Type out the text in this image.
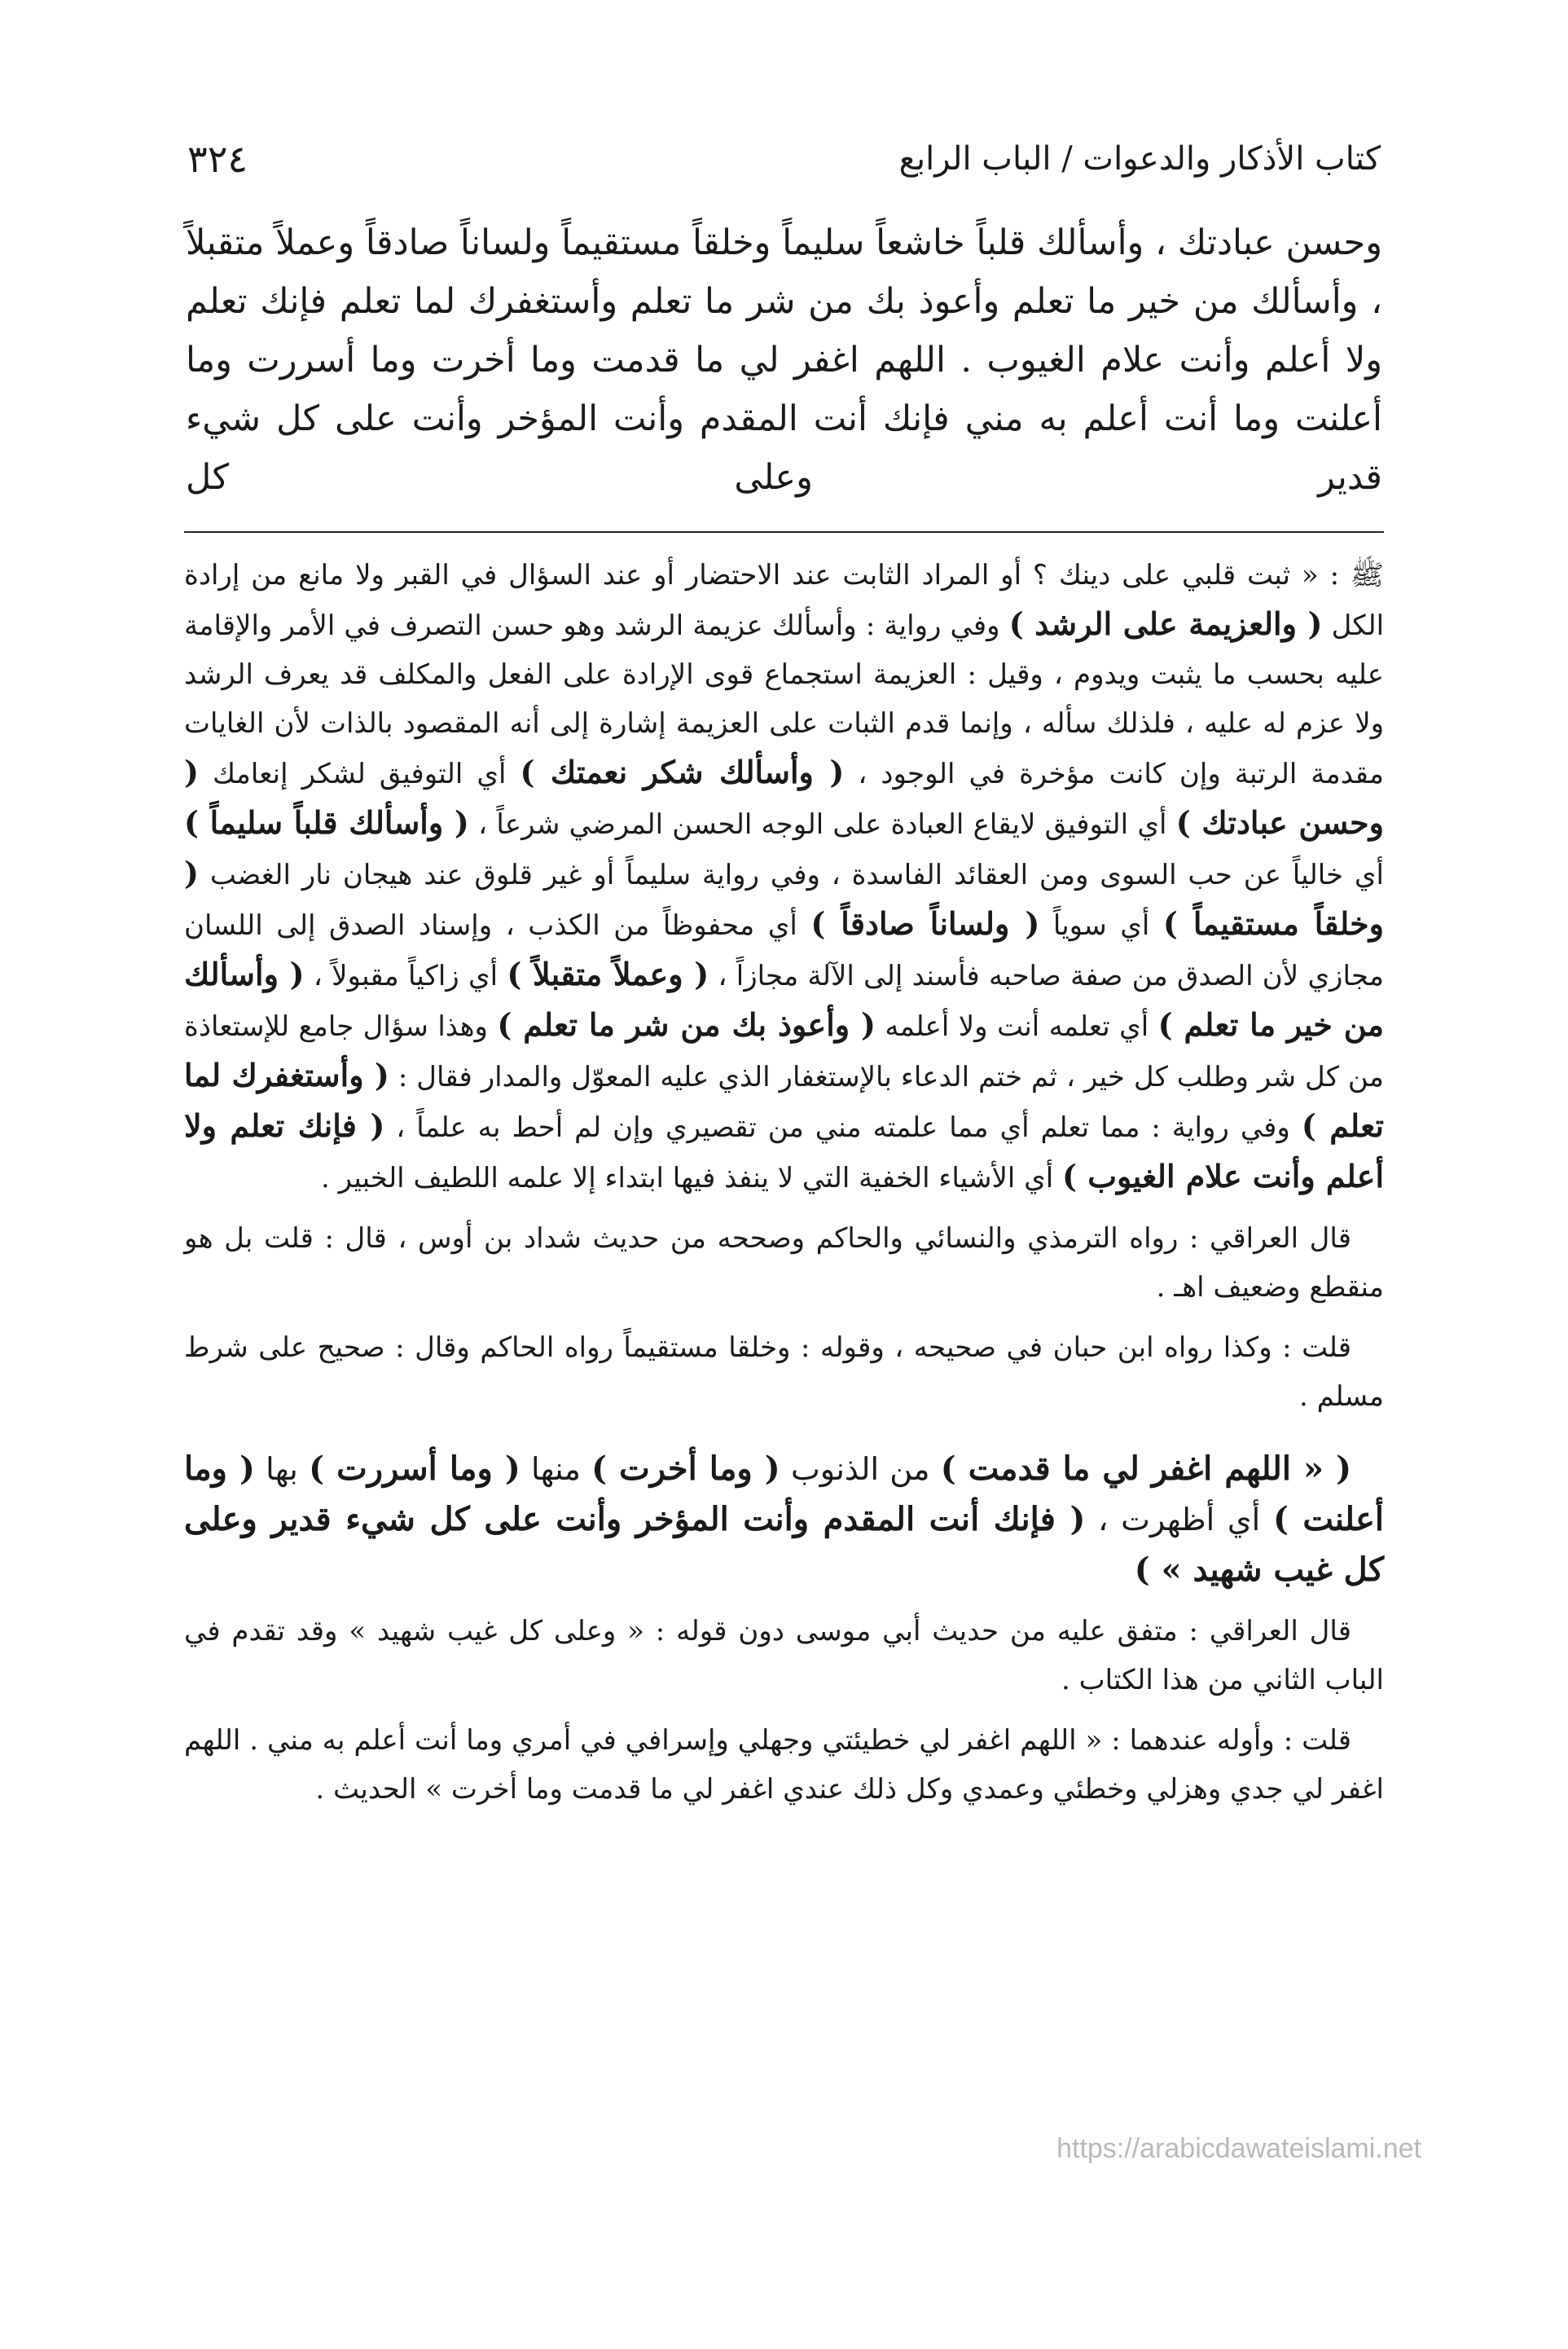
كتاب الأذكار والدعوات / الباب الرابع
٣٢٤

وحسن عبادتك ، وأسألك قلباً خاشعاً سليماً وخلقاً مستقيماً ولساناً صادقاً وعملاً متقبلاً ، وأسألك من خير ما تعلم وأعوذ بك من شر ما تعلم وأستغفرك لما تعلم فإنك تعلم ولا أعلم وأنت علام الغيوب . اللهم اغفر لي ما قدمت وما أخرت وما أسررت وما أعلنت وما أنت أعلم به مني فإنك أنت المقدم وأنت المؤخر وأنت على كل شيء قدير وعلى كل

ﷺ : « ثبت قلبي على دينك ؟ أو المراد الثابت عند الاحتضار أو عند السؤال في القبر ولا مانع من إرادة الكل ( والعزيمة على الرشد ) وفي رواية : وأسألك عزيمة الرشد وهو حسن التصرف في الأمر والإقامة عليه بحسب ما يثبت ويدوم ، وقيل : العزيمة استجماع قوى الإرادة على الفعل والمكلف قد يعرف الرشد ولا عزم له عليه ، فلذلك سأله ، وإنما قدم الثبات على العزيمة إشارة إلى أنه المقصود بالذات لأن الغايات مقدمة الرتبة وإن كانت مؤخرة في الوجود ، ( وأسألك شكر نعمتك ) أي التوفيق لشكر إنعامك ( وحسن عبادتك ) أي التوفيق لايقاع العبادة على الوجه الحسن المرضي شرعاً ، ( وأسألك قلباً سليماً ) أي خالياً عن حب السوى ومن العقائد الفاسدة ، وفي رواية سليماً أو غير قلوق عند هيجان نار الغضب ( وخلقاً مستقيماً ) أي سوياً ( ولساناً صادقاً ) أي محفوظاً من الكذب ، وإسناد الصدق إلى اللسان مجازي لأن الصدق من صفة صاحبه فأسند إلى الآلة مجازاً ، ( وعملاً متقبلاً ) أي زاكياً مقبولاً ، ( وأسألك من خير ما تعلم ) أي تعلمه أنت ولا أعلمه ( وأعوذ بك من شر ما تعلم ) وهذا سؤال جامع للإستعاذة من كل شر وطلب كل خير ، ثم ختم الدعاء بالإستغفار الذي عليه المعوّل والمدار فقال : ( وأستغفرك لما تعلم ) وفي رواية : مما تعلم أي مما علمته مني من تقصيري وإن لم أحط به علماً ، ( فإنك تعلم ولا أعلم وأنت علام الغيوب ) أي الأشياء الخفية التي لا ينفذ فيها ابتداء إلا علمه اللطيف الخبير .

قال العراقي : رواه الترمذي والنسائي والحاكم وصححه من حديث شداد بن أوس ، قال : قلت بل هو منقطع وضعيف اهـ .

قلت : وكذا رواه ابن حبان في صحيحه ، وقوله : وخلقا مستقيماً رواه الحاكم وقال : صحيح على شرط مسلم .

( « اللهم اغفر لي ما قدمت ) من الذنوب ( وما أخرت ) منها ( وما أسررت ) بها ( وما أعلنت ) أي أظهرت ، ( فإنك أنت المقدم وأنت المؤخر وأنت على كل شيء قدير وعلى كل غيب شهيد » )

قال العراقي : متفق عليه من حديث أبي موسى دون قوله : « وعلى كل غيب شهيد » وقد تقدم في الباب الثاني من هذا الكتاب .

قلت : وأوله عندهما : « اللهم اغفر لي خطيئتي وجهلي وإسرافي في أمري وما أنت أعلم به مني . اللهم اغفر لي جدي وهزلي وخطئي وعمدي وكل ذلك عندي اغفر لي ما قدمت وما أخرت » الحديث .

https://arabicdawateislami.net
